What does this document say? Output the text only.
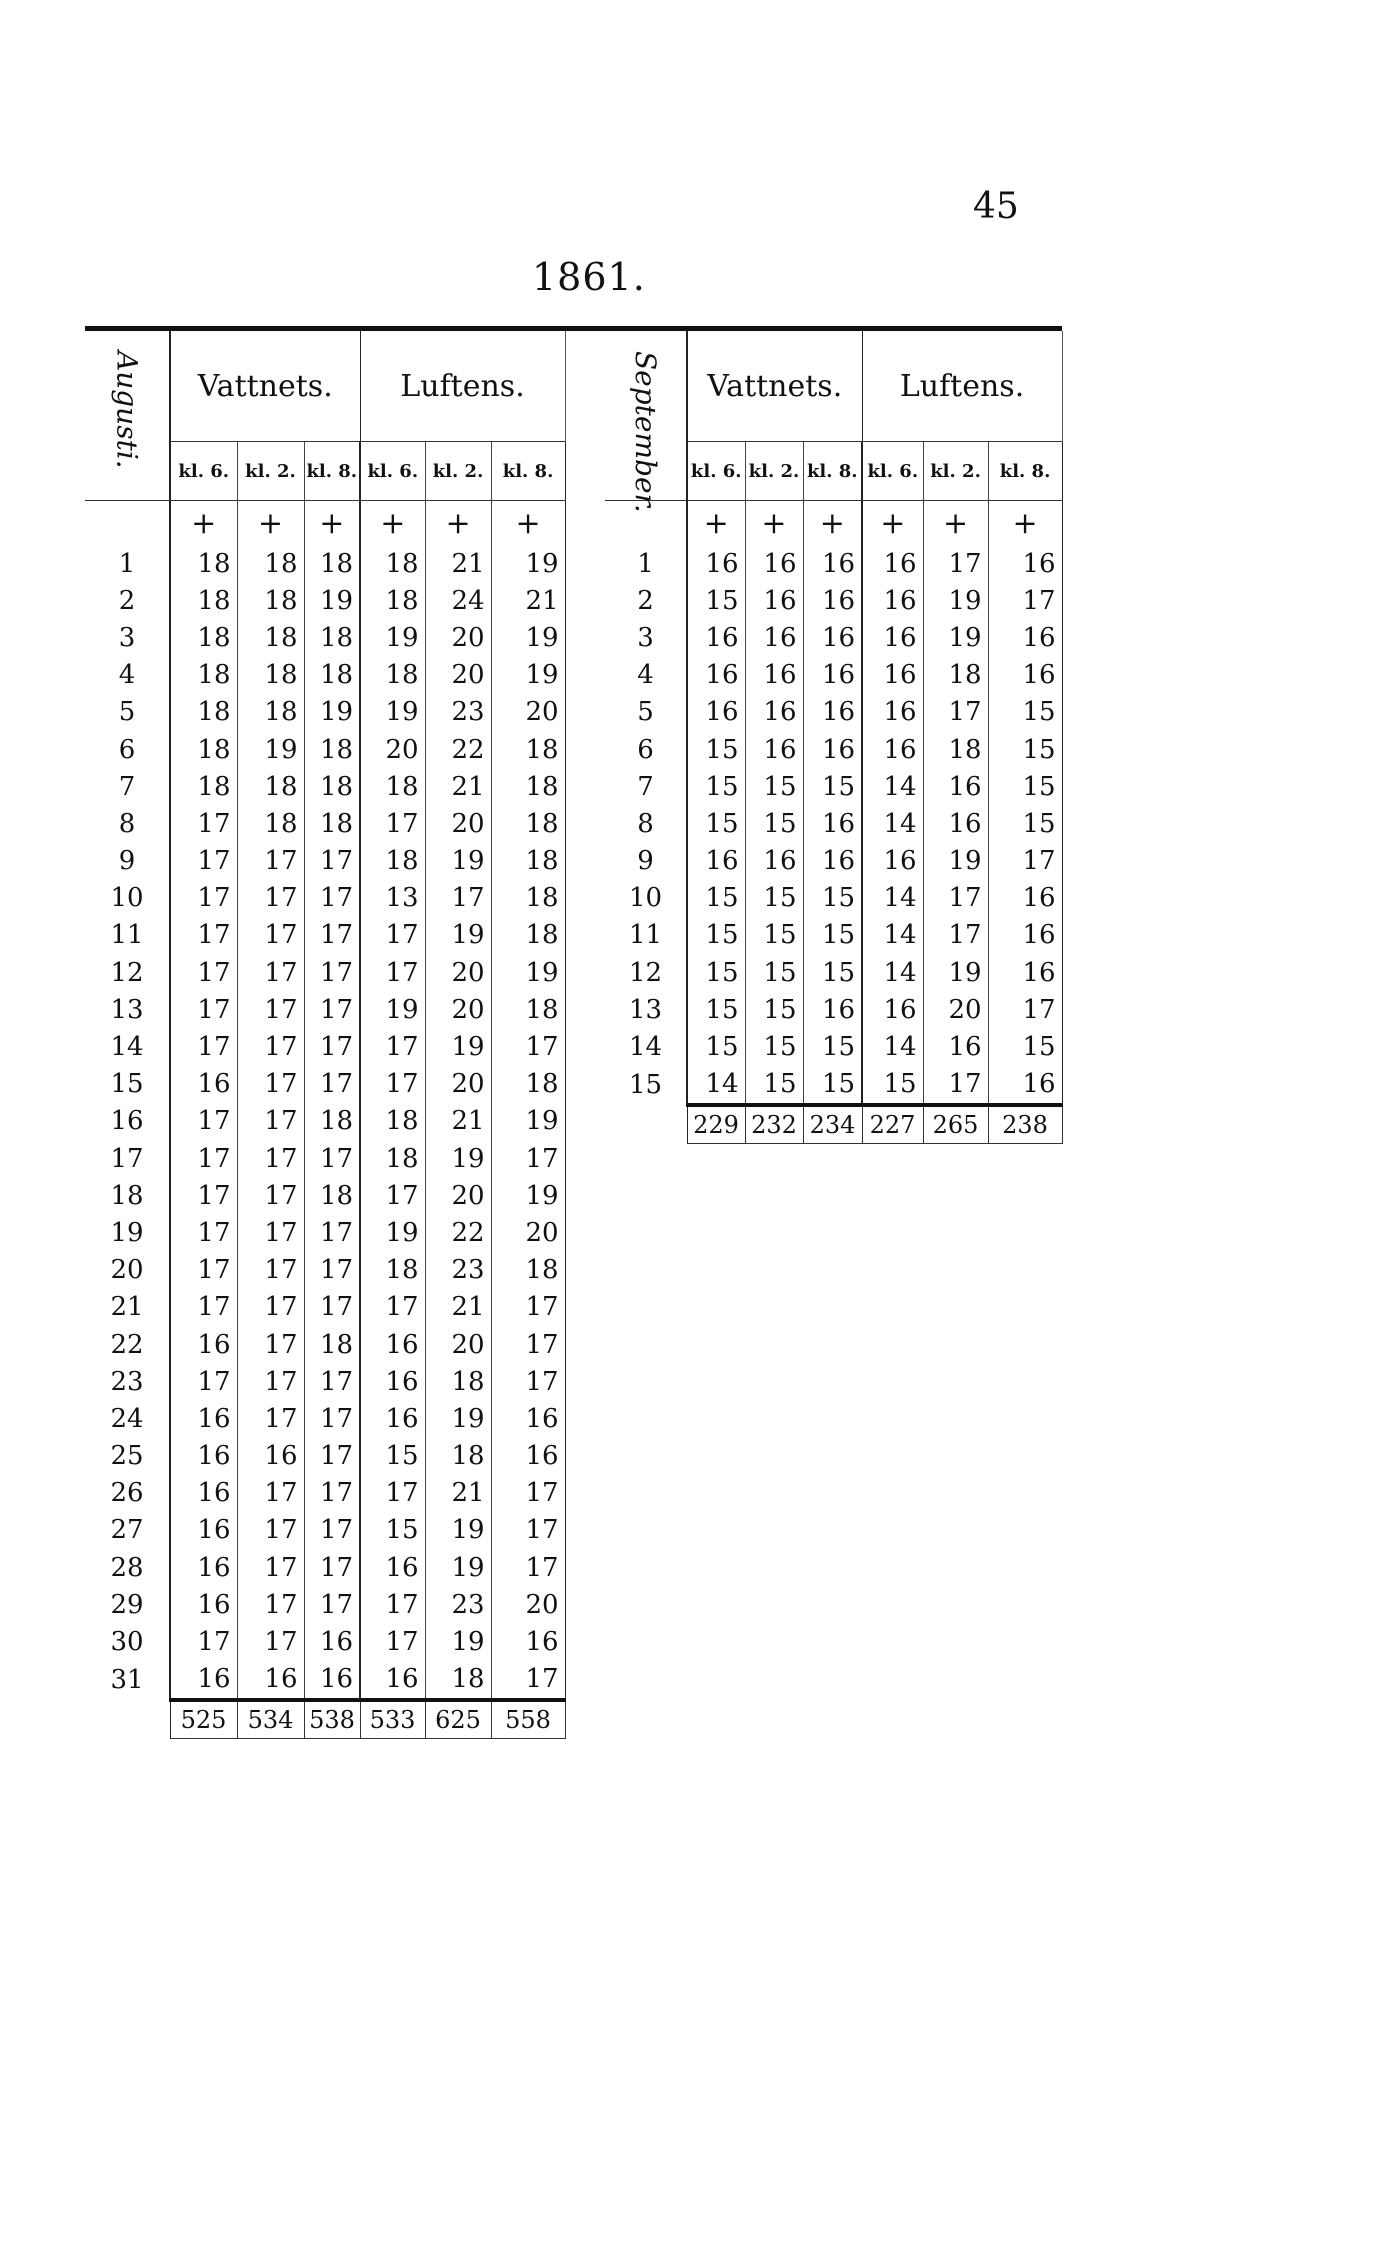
45
1861.
Augusti.	Vattnets.			Luftens.		
	kl. 6.	kl. 2.	kl. 8.	kl. 6.	kl. 2.	kl. 8.
	+	+	+	+	+	+
1	18	18	18	18	21	19
2	18	18	19	18	24	21
3	18	18	18	19	20	19
4	18	18	18	18	20	19
5	18	18	19	19	23	20
6	18	19	18	20	22	18
7	18	18	18	18	21	18
8	17	18	18	17	20	18
9	17	17	17	18	19	18
10	17	17	17	13	17	18
11	17	17	17	17	19	18
12	17	17	17	17	20	19
13	17	17	17	19	20	18
14	17	17	17	17	19	17
15	16	17	17	17	20	18
16	17	17	18	18	21	19
17	17	17	17	18	19	17
18	17	17	18	17	20	19
19	17	17	17	19	22	20
20	17	17	17	18	23	18
21	17	17	17	17	21	17
22	16	17	18	16	20	17
23	17	17	17	16	18	17
24	16	17	17	16	19	16
25	16	16	17	15	18	16
26	16	17	17	17	21	17
27	16	17	17	15	19	17
28	16	17	17	16	19	17
29	16	17	17	17	23	20
30	17	17	16	17	19	16
31	16	16	16	16	18	17
	525	534	538	533	625	558
September.	Vattnets.			Luftens.		
	kl. 6.	kl. 2.	kl. 8.	kl. 6.	kl. 2.	kl. 8.
	+	+	+	+	+	+
1	16	16	16	16	17	16
2	15	16	16	16	19	17
3	16	16	16	16	19	16
4	16	16	16	16	18	16
5	16	16	16	16	17	15
6	15	16	16	16	18	15
7	15	15	15	14	16	15
8	15	15	16	14	16	15
9	16	16	16	16	19	17
10	15	15	15	14	17	16
11	15	15	15	14	17	16
12	15	15	15	14	19	16
13	15	15	16	16	20	17
14	15	15	15	14	16	15
15	14	15	15	15	17	16
	229	232	234	227	265	238
